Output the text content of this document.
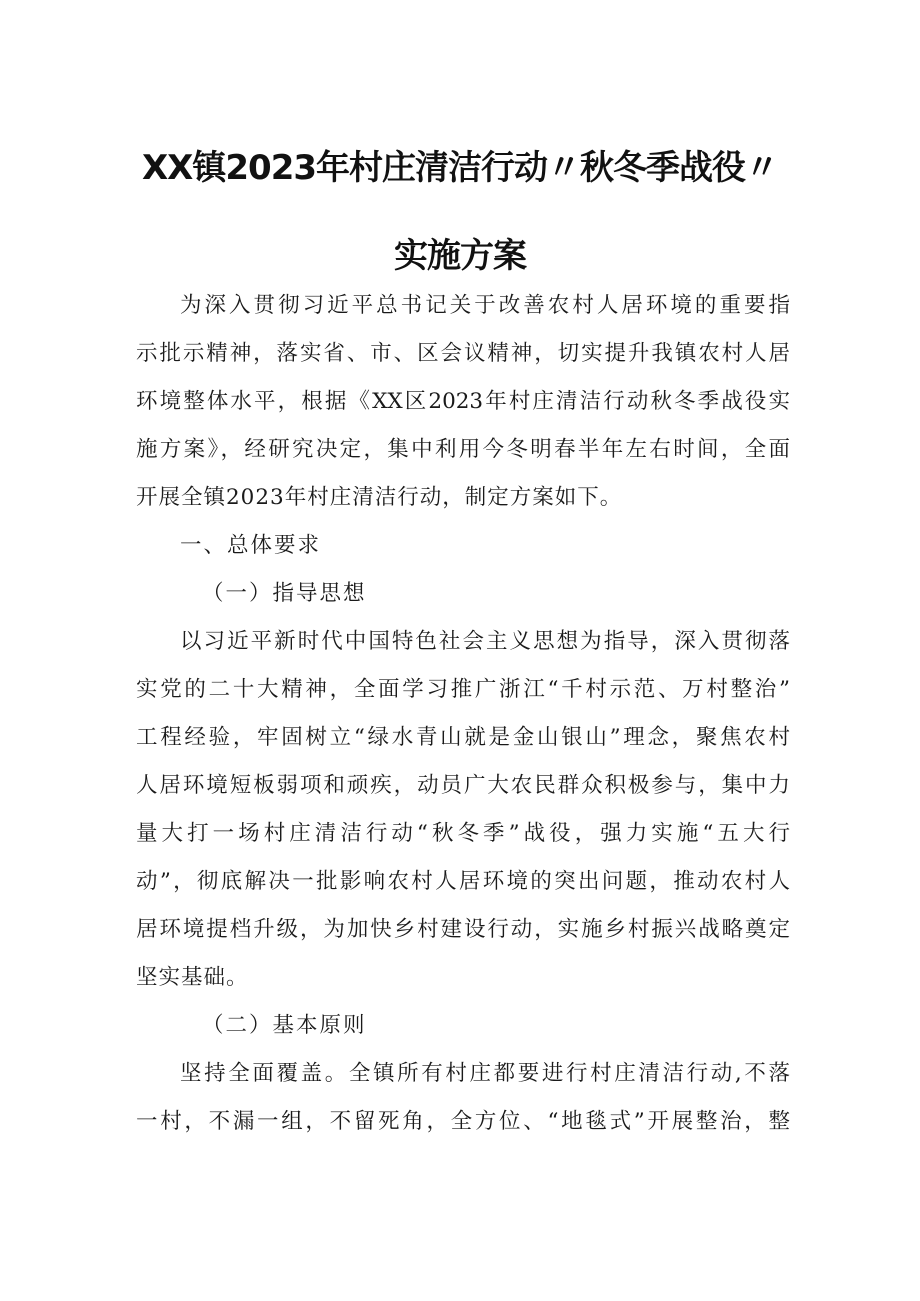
XX镇2023年村庄清洁行动〃秋冬季战役〃
实施方案
为深入贯彻习近平总书记关于改善农村人居环境的重要指
示批示精神，落实省、市、区会议精神，切实提升我镇农村人居
环境整体水平，根据《XX区2023年村庄清洁行动秋冬季战役实
施方案》，经研究决定，集中利用今冬明春半年左右时间，全面
开展全镇2023年村庄清洁行动，制定方案如下。
一、总体要求
（一）指导思想
以习近平新时代中国特色社会主义思想为指导，深入贯彻落
实党的二十大精神，全面学习推广浙江“千村示范、万村整治”
工程经验，牢固树立“绿水青山就是金山银山”理念，聚焦农村
人居环境短板弱项和顽疾，动员广大农民群众积极参与，集中力
量大打一场村庄清洁行动“秋冬季”战役，强力实施“五大行
动”，彻底解决一批影响农村人居环境的突出问题，推动农村人
居环境提档升级，为加快乡村建设行动，实施乡村振兴战略奠定
坚实基础。
（二）基本原则
坚持全面覆盖。全镇所有村庄都要进行村庄清洁行动,不落
一村，不漏一组，不留死角，全方位、“地毯式”开展整治，整
